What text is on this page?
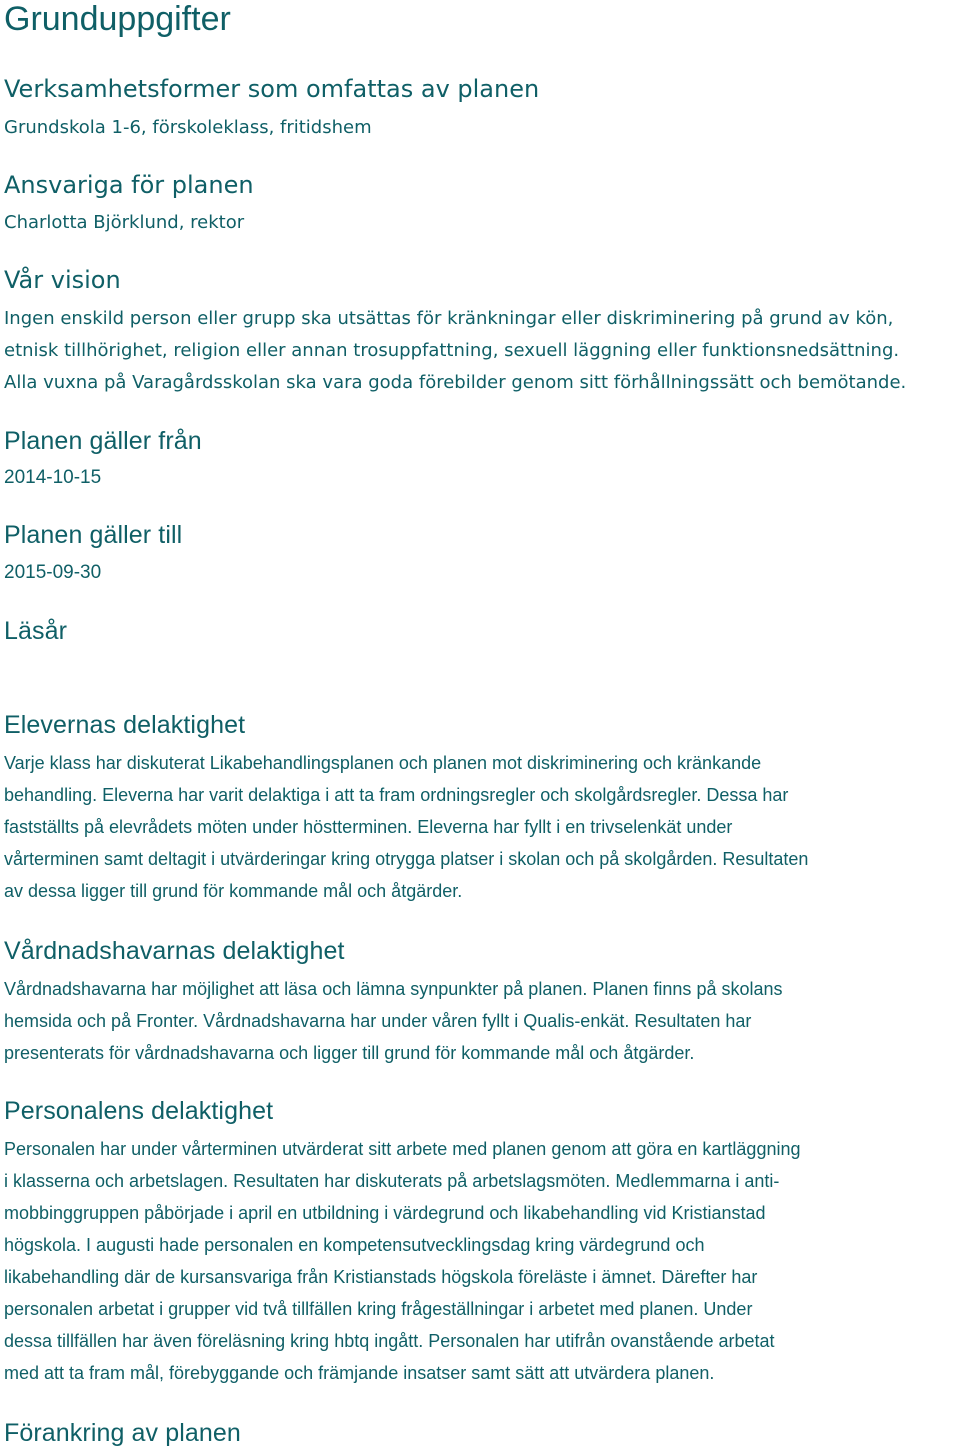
Grunduppgifter
Verksamhetsformer som omfattas av planen

Grundskola 1-6, förskoleklass, fritidshem

Ansvariga för planen

Charlotta Björklund, rektor

Vår vision

Ingen enskild person eller grupp ska utsättas för kränkningar eller diskriminering på grund av kön,
etnisk tillhörighet, religion eller annan trosuppfattning, sexuell läggning eller funktionsnedsättning.
Alla vuxna på Varagårdsskolan ska vara goda förebilder genom sitt förhållningssätt och bemötande.

Planen gäller från

2014-10-15

Planen gäller till

2015-09-30

Läsår
Elevernas delaktighet

Varje klass har diskuterat Likabehandlingsplanen och planen mot diskriminering och kränkande
behandling. Eleverna har varit delaktiga i att ta fram ordningsregler och skolgårdsregler. Dessa har
fastställts på elevrådets möten under höstterminen. Eleverna har fyllt i en trivselenkät under
vårterminen samt deltagit i utvärderingar kring otrygga platser i skolan och på skolgården. Resultaten
av dessa ligger till grund för kommande mål och åtgärder.

Vårdnadshavarnas delaktighet

Vårdnadshavarna har möjlighet att läsa och lämna synpunkter på planen. Planen finns på skolans
hemsida och på Fronter. Vårdnadshavarna har under våren fyllt i Qualis-enkät. Resultaten har
presenterats för vårdnadshavarna och ligger till grund för kommande mål och åtgärder.

Personalens delaktighet

Personalen har under vårterminen utvärderat sitt arbete med planen genom att göra en kartläggning
i klasserna och arbetslagen. Resultaten har diskuterats på arbetslagsmöten. Medlemmarna i anti-
mobbinggruppen påbörjade i april en utbildning i värdegrund och likabehandling vid Kristianstad
högskola. I augusti hade personalen en kompetensutvecklingsdag kring värdegrund och
likabehandling där de kursansvariga från Kristianstads högskola föreläste i ämnet. Därefter har
personalen arbetat i grupper vid två tillfällen kring frågeställningar i arbetet med planen. Under
dessa tillfällen har även föreläsning kring hbtq ingått. Personalen har utifrån ovanstående arbetat
med att ta fram mål, förebyggande och främjande insatser samt sätt att utvärdera planen.

Förankring av planen
